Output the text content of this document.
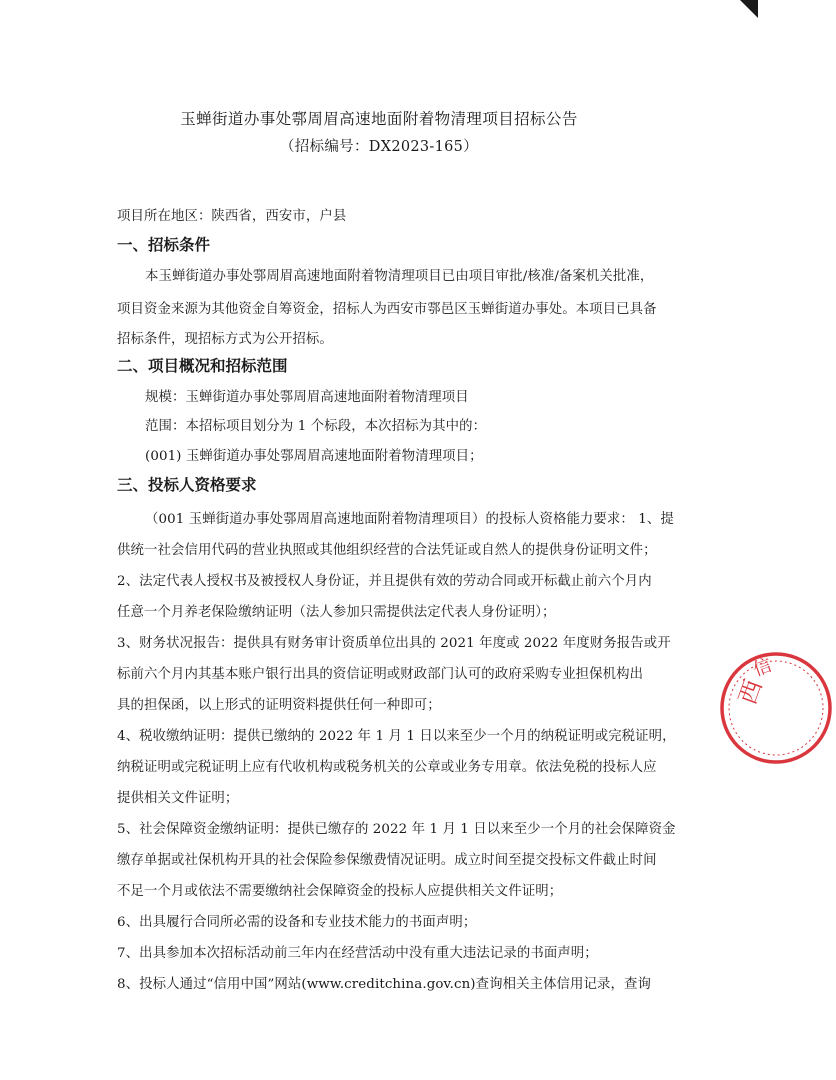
玉蝉街道办事处鄠周眉高速地面附着物清理项目招标公告
（招标编号：DX2023-165）
项目所在地区：陕西省，西安市，户县
一、招标条件
本玉蝉街道办事处鄠周眉高速地面附着物清理项目已由项目审批/核准/备案机关批准，
项目资金来源为其他资金自筹资金，招标人为西安市鄠邑区玉蝉街道办事处。本项目已具备
招标条件，现招标方式为公开招标。
二、项目概况和招标范围
规模：玉蝉街道办事处鄠周眉高速地面附着物清理项目
范围：本招标项目划分为 1 个标段，本次招标为其中的：
(001) 玉蝉街道办事处鄠周眉高速地面附着物清理项目；
三、投标人资格要求
（001 玉蝉街道办事处鄠周眉高速地面附着物清理项目）的投标人资格能力要求： 1、提
供统一社会信用代码的营业执照或其他组织经营的合法凭证或自然人的提供身份证明文件；
2、法定代表人授权书及被授权人身份证，并且提供有效的劳动合同或开标截止前六个月内
任意一个月养老保险缴纳证明（法人参加只需提供法定代表人身份证明）；
3、财务状况报告：提供具有财务审计资质单位出具的 2021 年度或 2022 年度财务报告或开
标前六个月内其基本账户银行出具的资信证明或财政部门认可的政府采购专业担保机构出
具的担保函，以上形式的证明资料提供任何一种即可；
4、税收缴纳证明：提供已缴纳的 2022 年 1 月 1 日以来至少一个月的纳税证明或完税证明，
纳税证明或完税证明上应有代收机构或税务机关的公章或业务专用章。依法免税的投标人应
提供相关文件证明；
5、社会保障资金缴纳证明：提供已缴存的 2022 年 1 月 1 日以来至少一个月的社会保障资金
缴存单据或社保机构开具的社会保险参保缴费情况证明。成立时间至提交投标文件截止时间
不足一个月或依法不需要缴纳社会保障资金的投标人应提供相关文件证明；
6、出具履行合同所必需的设备和专业技术能力的书面声明；
7、出具参加本次招标活动前三年内在经营活动中没有重大违法记录的书面声明；
8、投标人通过“信用中国”网站(www.creditchina.gov.cn)查询相关主体信用记录，查询
西
信
